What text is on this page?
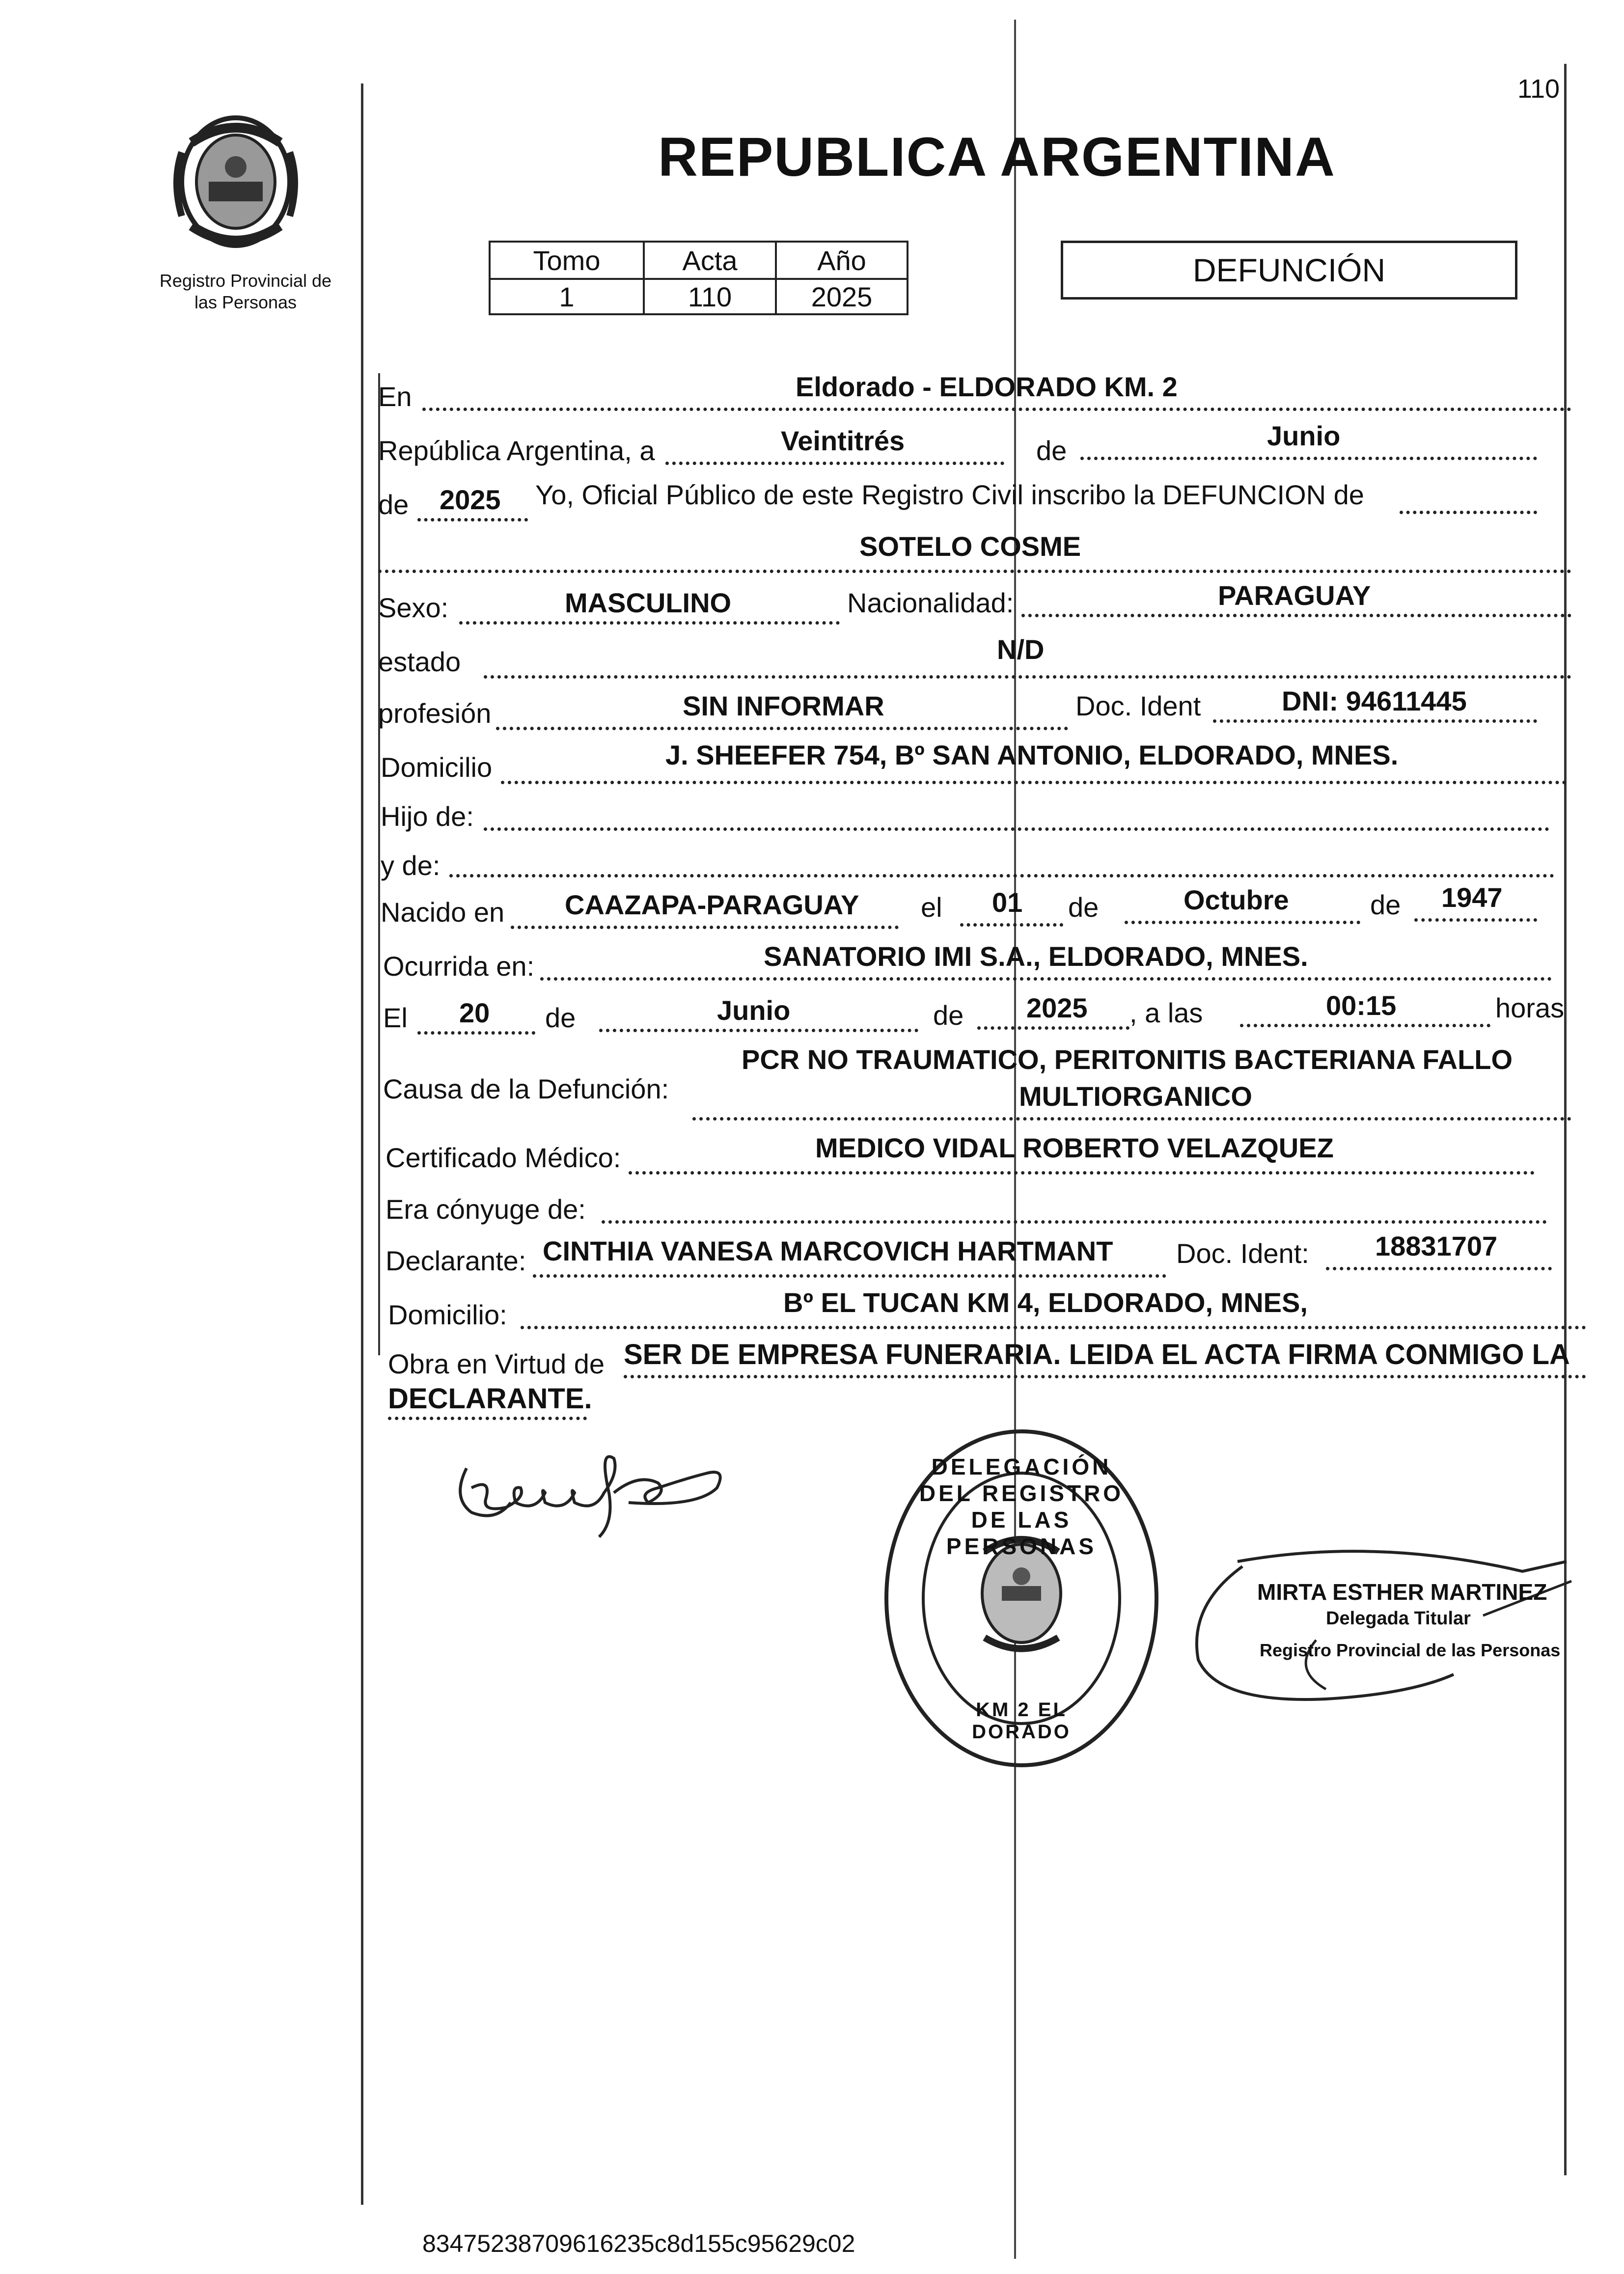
110
Registro Provincial de
las Personas
REPUBLICA ARGENTINA
Tomo	Acta	Año
1	110	2025
DEFUNCIÓN
En	Eldorado - ELDORADO KM. 2
República Argentina, a	Veintitrés	de	Junio
de 2025 Yo, Oficial Público de este Registro Civil inscribo la DEFUNCION de
SOTELO COSME
Sexo:	MASCULINO	Nacionalidad:	PARAGUAY
estado	N/D
profesión	SIN INFORMAR	Doc. Ident	DNI: 94611445
Domicilio	J. SHEEFER 754, Bº SAN ANTONIO, ELDORADO, MNES.
Hijo de:
y de:
Nacido en CAAZAPA-PARAGUAY el 01 de	Octubre	de 1947
Ocurrida en:	SANATORIO IMI S.A., ELDORADO, MNES.
El 20 de	Junio	de 2025 , a las	00:15	horas
Causa de la Defunción:
PCR NO TRAUMATICO, PERITONITIS BACTERIANA FALLO
MULTIORGANICO
Certificado Médico:	MEDICO VIDAL ROBERTO VELAZQUEZ
Era cónyuge de:
Declarante: CINTHIA VANESA MARCOVICH HARTMANT Doc. Ident: 18831707
Domicilio:	Bº EL TUCAN KM 4, ELDORADO, MNES,
Obra en Virtud de SER DE EMPRESA FUNERARIA. LEIDA EL ACTA FIRMA CONMIGO LA
DECLARANTE.
DELEGACIÓN DEL REGISTRO DE LAS PERSONAS
KM 2 EL DORADO
MIRTA ESTHER MARTINEZ
Delegada Titular
Registro Provincial de las Personas
83475238709616235c8d155c95629c02
